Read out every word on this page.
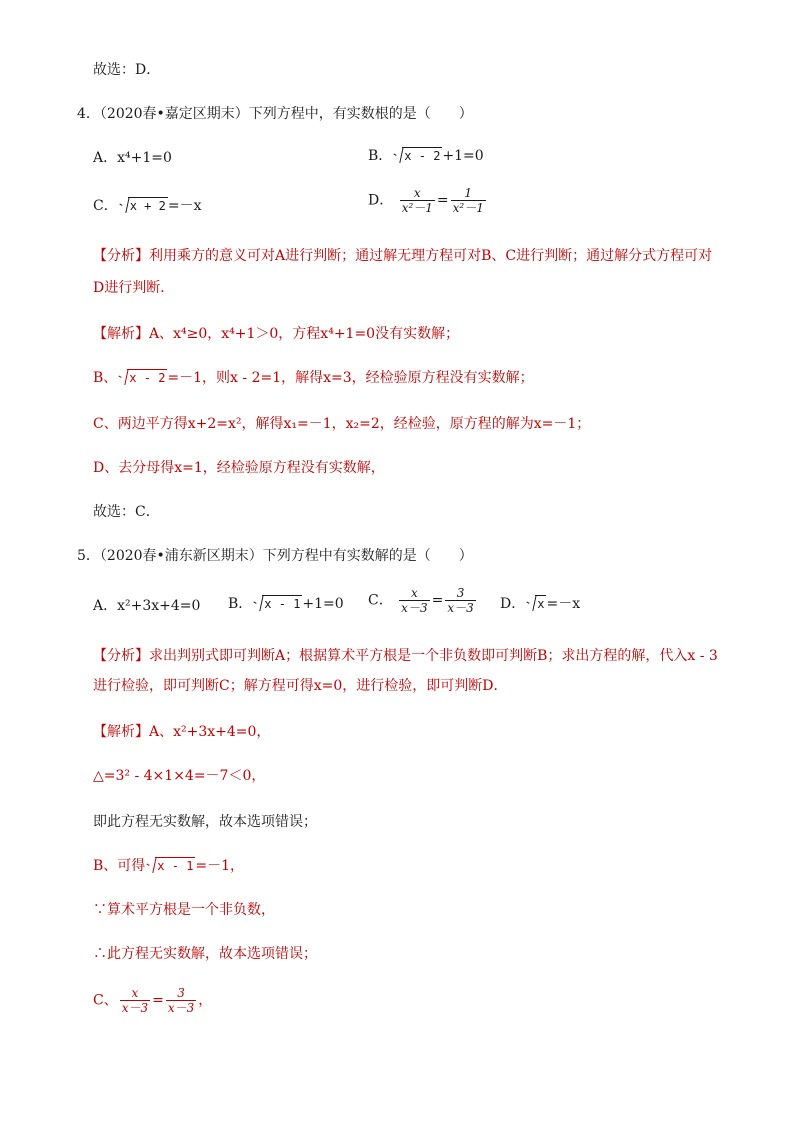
故选：D．
4．（2020春•嘉定区期末）下列方程中，有实数根的是（　　）
A．x⁴+1=0	B． x - 2 +1=0
C． x + 2 =－x	D． $\frac{x}{\text{x²－1}} = \frac{1}{\text{x²－1}}$
【分析】利用乘方的意义可对A进行判断；通过解无理方程可对B、C进行判断；通过解分式方程可对
D进行判断．
【解析】A、x⁴≥0，x⁴+1＞0，方程x⁴+1=0没有实数解；
B、 x - 2 =－1，则x - 2=1，解得x=3，经检验原方程没有实数解；
C、两边平方得x+2=x²，解得x₁=－1，x₂=2，经检验，原方程的解为x=－1；
D、去分母得x=1，经检验原方程没有实数解，
故选：C．
5．（2020春•浦东新区期末）下列方程中有实数解的是（　　）
A．x²+3x+4=0 B． x - 1 +1=0 C． $\frac{x}{x-3} = \frac{3}{x-3}$ D． x =－x
【分析】求出判别式即可判断A；根据算术平方根是一个非负数即可判断B；求出方程的解，代入x - 3
进行检验，即可判断C；解方程可得x=0，进行检验，即可判断D．
【解析】A、x²+3x+4=0，
△=3² - 4×1×4=－7＜0，
即此方程无实数解，故本选项错误；
B、可得 x - 1 =－1，
∵算术平方根是一个非负数，
∴此方程无实数解，故本选项错误；
C、 $\frac{x}{x-3} = \frac{3}{x-3}$ ，
